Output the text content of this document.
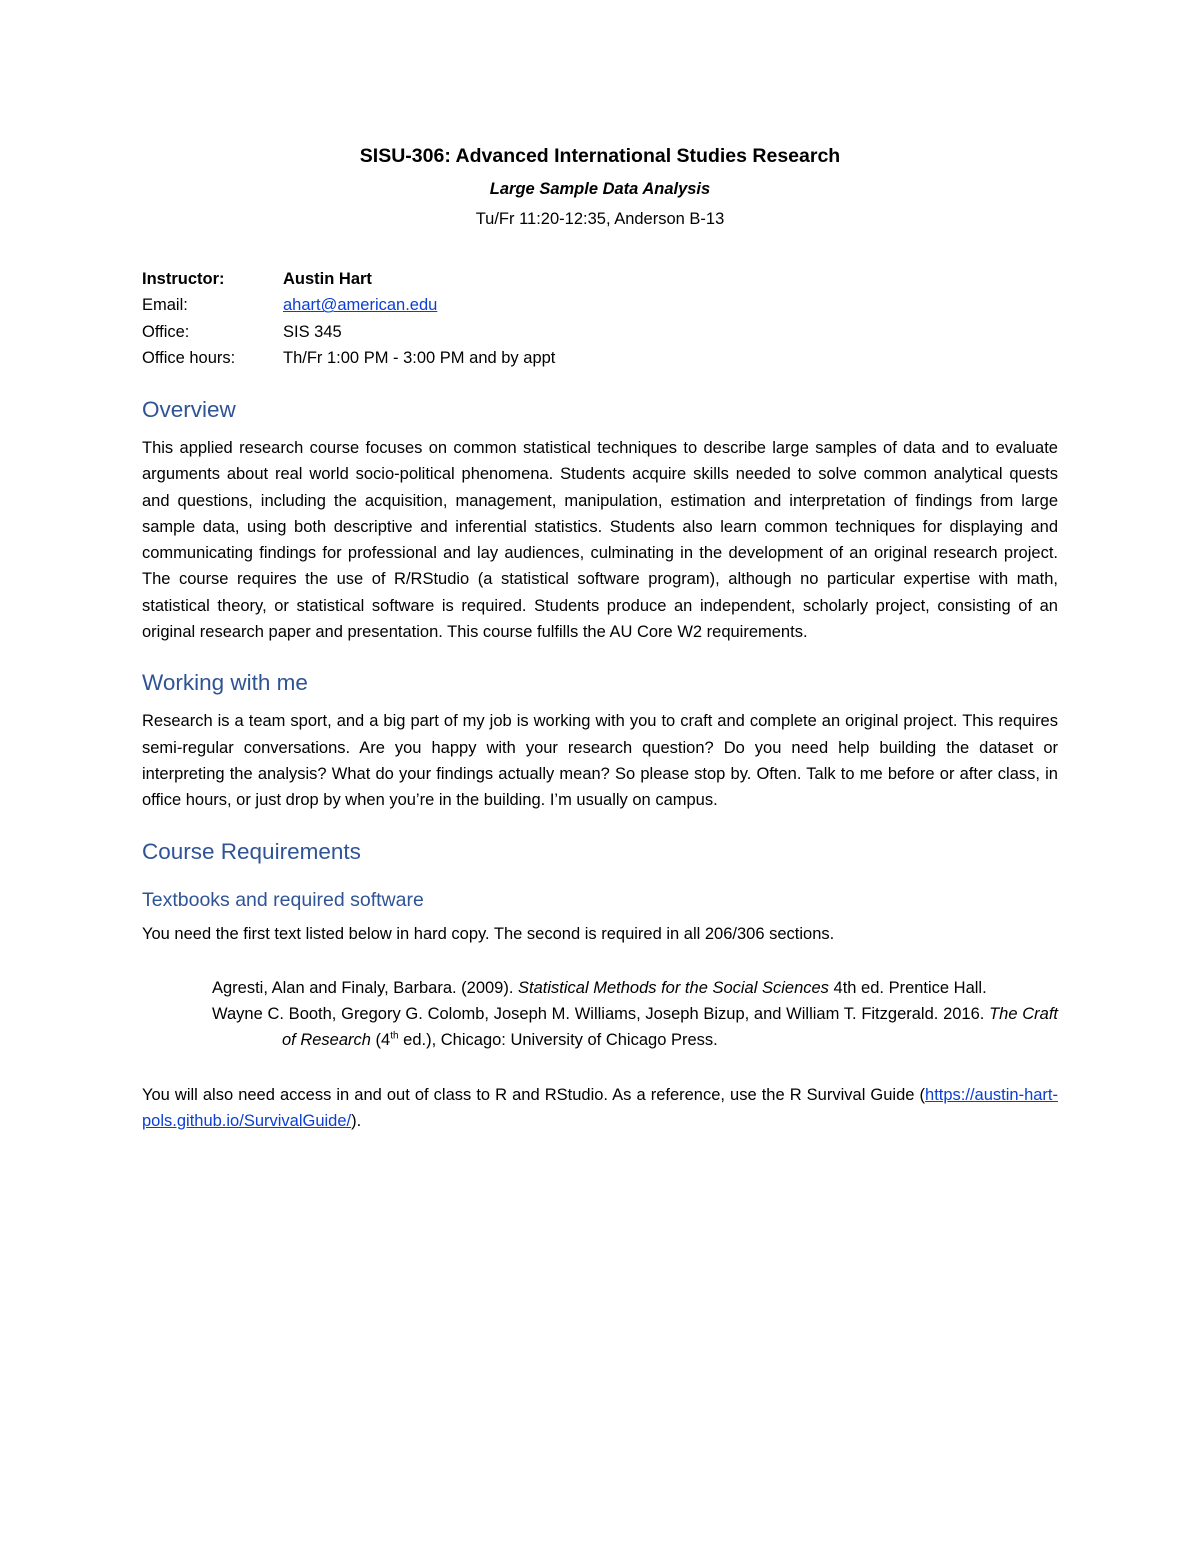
SISU-306: Advanced International Studies Research

Large Sample Data Analysis

Tu/Fr 11:20-12:35, Anderson B-13

Instructor:	Austin Hart
Email:	ahart@american.edu
Office:	SIS 345
Office hours:	Th/Fr 1:00 PM - 3:00 PM and by appt
Overview

This applied research course focuses on common statistical techniques to describe large samples of data and to evaluate arguments about real world socio-political phenomena. Students acquire skills needed to solve common analytical quests and questions, including the acquisition, management, manipulation, estimation and interpretation of findings from large sample data, using both descriptive and inferential statistics. Students also learn common techniques for displaying and communicating findings for professional and lay audiences, culminating in the development of an original research project. The course requires the use of R/RStudio (a statistical software program), although no particular expertise with math, statistical theory, or statistical software is required. Students produce an independent, scholarly project, consisting of an original research paper and presentation. This course fulfills the AU Core W2 requirements.

Working with me

Research is a team sport, and a big part of my job is working with you to craft and complete an original project. This requires semi-regular conversations. Are you happy with your research question? Do you need help building the dataset or interpreting the analysis? What do your findings actually mean? So please stop by. Often. Talk to me before or after class, in office hours, or just drop by when you’re in the building. I’m usually on campus.

Course Requirements
Textbooks and required software

You need the first text listed below in hard copy. The second is required in all 206/306 sections.

Agresti, Alan and Finaly, Barbara. (2009). Statistical Methods for the Social Sciences 4th ed. Prentice Hall.
Wayne C. Booth, Gregory G. Colomb, Joseph M. Williams, Joseph Bizup, and William T. Fitzgerald. 2016. The Craft of Research (4th ed.), Chicago: University of Chicago Press.

You will also need access in and out of class to R and RStudio. As a reference, use the R Survival Guide (https://austin-hart-pols.github.io/SurvivalGuide/).
